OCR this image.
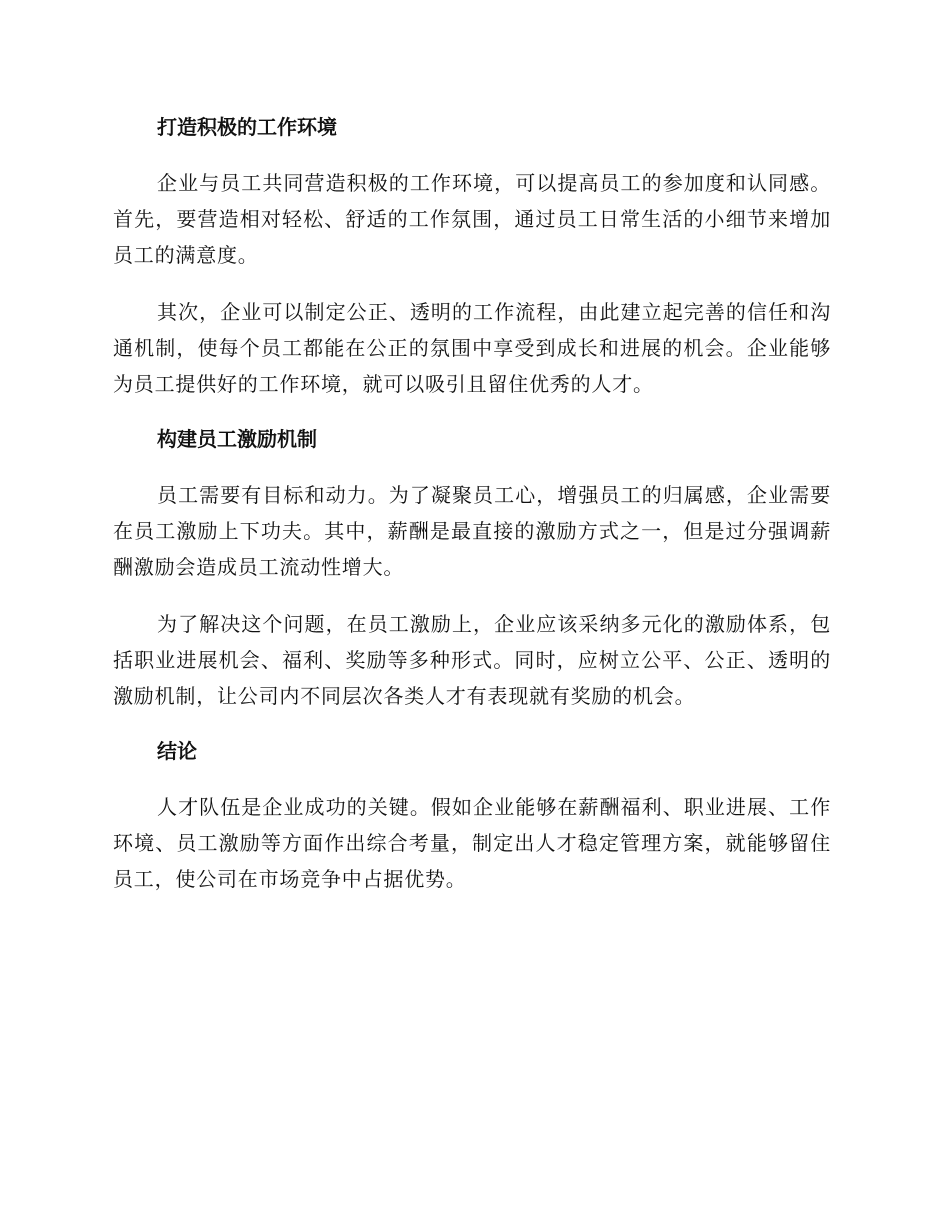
打造积极的工作环境

企业与员工共同营造积极的工作环境，可以提高员工的参加度和认同感。首先，要营造相对轻松、舒适的工作氛围，通过员工日常生活的小细节来增加员工的满意度。

其次，企业可以制定公正、透明的工作流程，由此建立起完善的信任和沟通机制，使每个员工都能在公正的氛围中享受到成长和进展的机会。企业能够为员工提供好的工作环境，就可以吸引且留住优秀的人才。

构建员工激励机制

员工需要有目标和动力。为了凝聚员工心，增强员工的归属感，企业需要在员工激励上下功夫。其中，薪酬是最直接的激励方式之一，但是过分强调薪酬激励会造成员工流动性增大。

为了解决这个问题，在员工激励上，企业应该采纳多元化的激励体系，包括职业进展机会、福利、奖励等多种形式。同时，应树立公平、公正、透明的激励机制，让公司内不同层次各类人才有表现就有奖励的机会。

结论

人才队伍是企业成功的关键。假如企业能够在薪酬福利、职业进展、工作环境、员工激励等方面作出综合考量，制定出人才稳定管理方案，就能够留住员工，使公司在市场竞争中占据优势。
